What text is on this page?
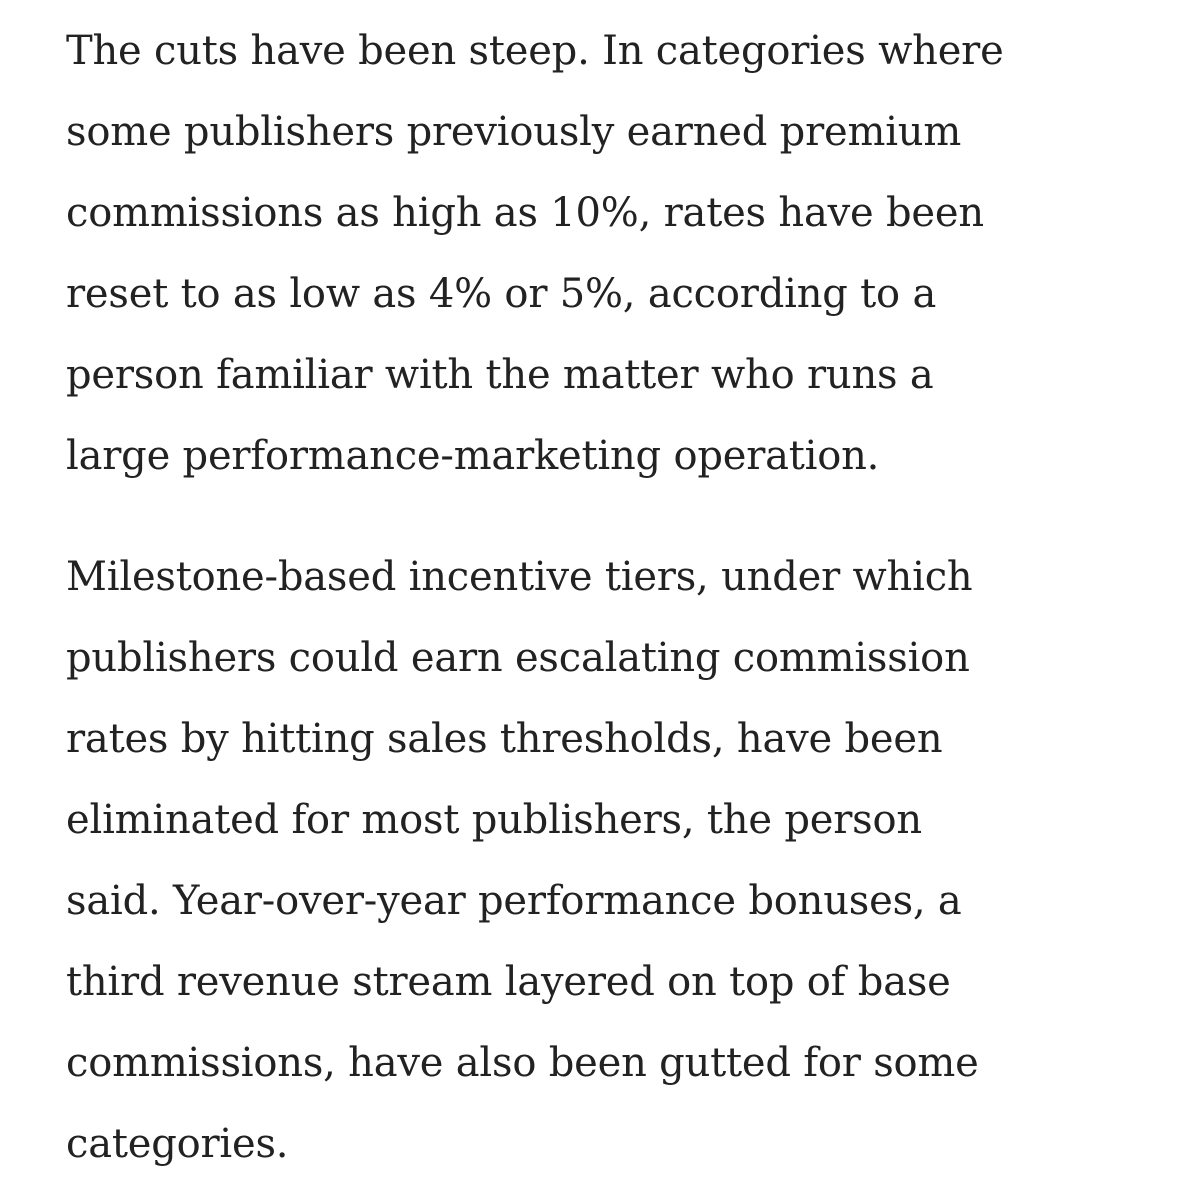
The cuts have been steep. In categories where
some publishers previously earned premium
commissions as high as 10%, rates have been
reset to as low as 4% or 5%, according to a
person familiar with the matter who runs a
large performance-marketing operation.

Milestone-based incentive tiers, under which
publishers could earn escalating commission
rates by hitting sales thresholds, have been
eliminated for most publishers, the person
said. Year-over-year performance bonuses, a
third revenue stream layered on top of base
commissions, have also been gutted for some
categories.
